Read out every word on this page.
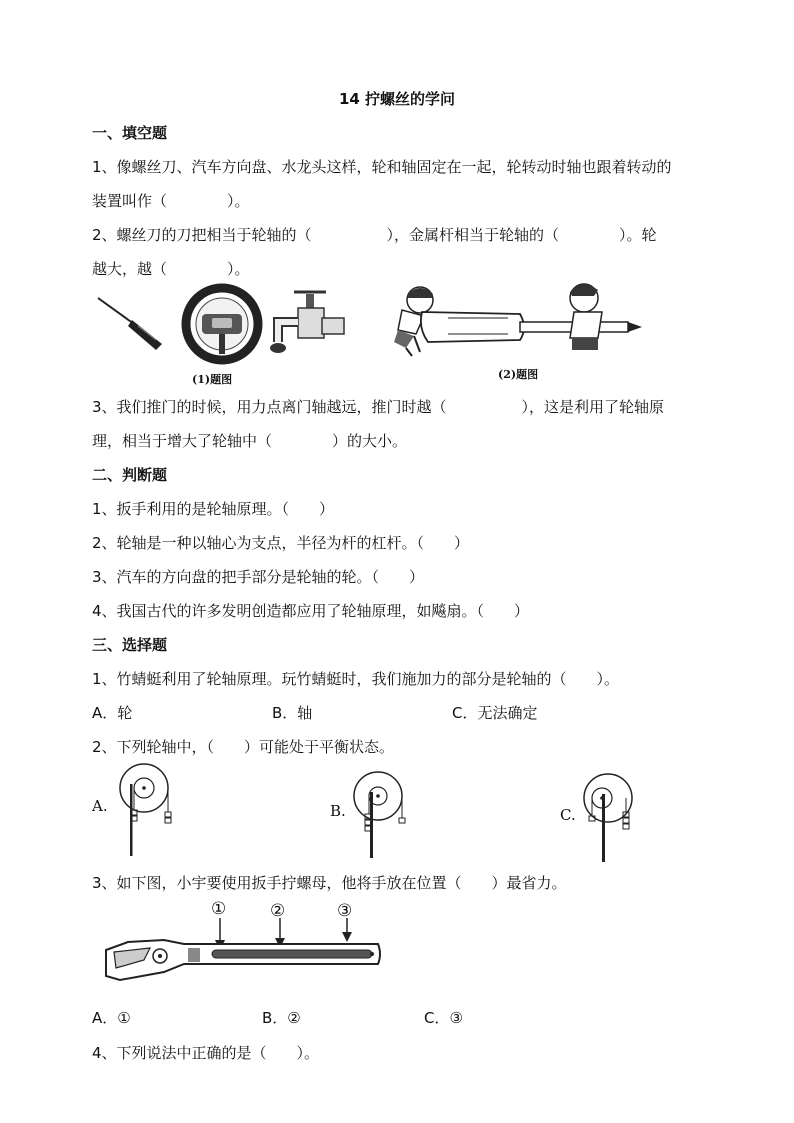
14 拧螺丝的学问
一、填空题
1、像螺丝刀、汽车方向盘、水龙头这样，轮和轴固定在一起，轮转动时轴也跟着转动的
装置叫作（　　　　）。
2、螺丝刀的刀把相当于轮轴的（　　　　　），金属杆相当于轮轴的（　　　　）。轮
越大，越（　　　　）。
(1)题图	(2)题图
3、我们推门的时候，用力点离门轴越远，推门时越（　　　　　），这是利用了轮轴原
理，相当于增大了轮轴中（　　　　）的大小。
二、判断题
1、扳手利用的是轮轴原理。（　　）
2、轮轴是一种以轴心为支点，半径为杆的杠杆。（　　）
3、汽车的方向盘的把手部分是轮轴的轮。（　　）
4、我国古代的许多发明创造都应用了轮轴原理，如飚扇。（　　）
三、选择题
1、竹蜻蜓利用了轮轴原理。玩竹蜻蜓时，我们施加力的部分是轮轴的（　　）。
A．轮	B．轴	C．无法确定
2、下列轮轴中，（　　）可能处于平衡状态。
A.	B.	C.
3、如下图，小宇要使用扳手拧螺母，他将手放在位置（　　）最省力。
①	②	③
A．①	B．②	C．③
4、下列说法中正确的是（　　）。
